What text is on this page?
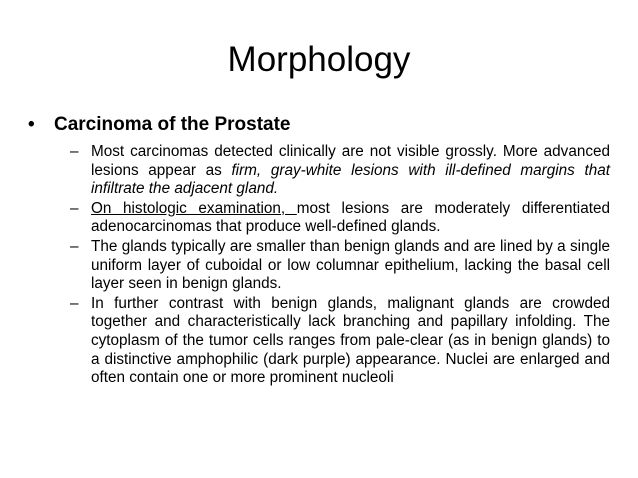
Morphology
•	Carcinoma of the Prostate
– Most carcinomas detected clinically are not visible grossly. More advanced lesions appear as firm, gray-white lesions with ill-defined margins that infiltrate the adjacent gland.
– On histologic examination, most lesions are moderately differentiated adenocarcinomas that produce well-defined glands.
– The glands typically are smaller than benign glands and are lined by a single uniform layer of cuboidal or low columnar epithelium, lacking the basal cell layer seen in benign glands.
– In further contrast with benign glands, malignant glands are crowded together and characteristically lack branching and papillary infolding. The cytoplasm of the tumor cells ranges from pale-clear (as in benign glands) to a distinctive amphophilic (dark purple) appearance. Nuclei are enlarged and often contain one or more prominent nucleoli
